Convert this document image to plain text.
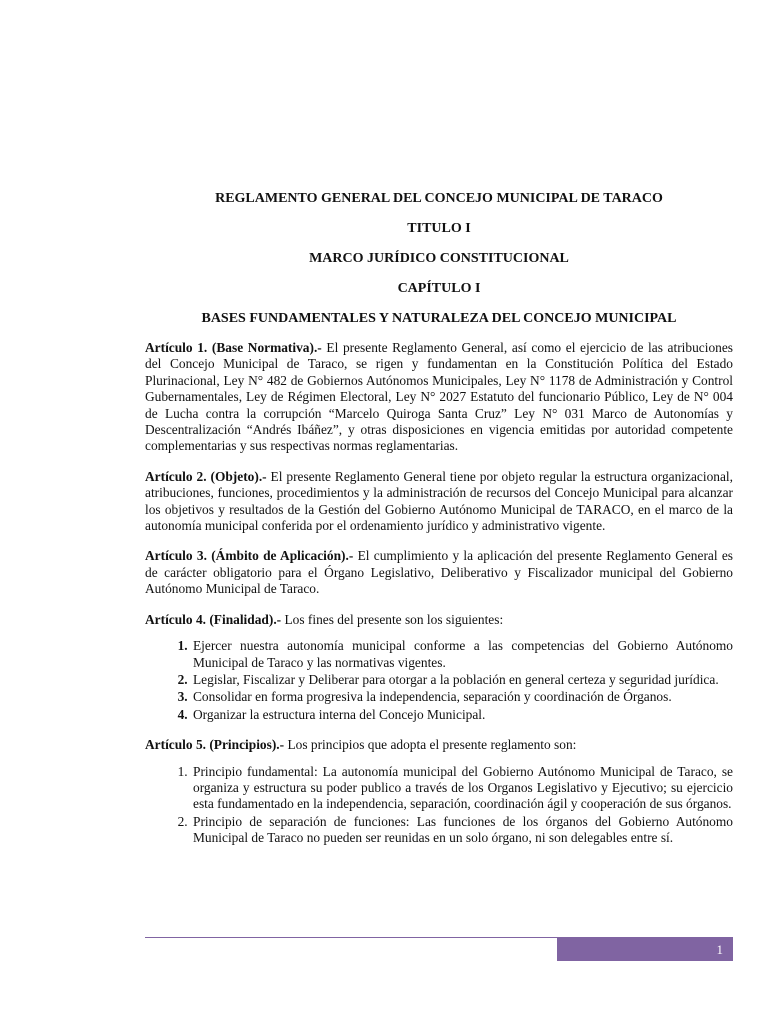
REGLAMENTO GENERAL DEL CONCEJO MUNICIPAL DE TARACO
TITULO I
MARCO JURÍDICO CONSTITUCIONAL
CAPÍTULO I
BASES FUNDAMENTALES Y NATURALEZA DEL CONCEJO MUNICIPAL

Artículo 1. (Base Normativa).- El presente Reglamento General, así como el ejercicio de las atribuciones del Concejo Municipal de Taraco, se rigen y fundamentan en la Constitución Política del Estado Plurinacional, Ley N° 482 de Gobiernos Autónomos Municipales, Ley N° 1178 de Administración y Control Gubernamentales, Ley de Régimen Electoral, Ley N° 2027 Estatuto del funcionario Público, Ley de N° 004 de Lucha contra la corrupción “Marcelo Quiroga Santa Cruz” Ley N° 031 Marco de Autonomías y Descentralización “Andrés Ibáñez”, y otras disposiciones en vigencia emitidas por autoridad competente complementarias y sus respectivas normas reglamentarias.

Artículo 2. (Objeto).- El presente Reglamento General tiene por objeto regular la estructura organizacional, atribuciones, funciones, procedimientos y la administración de recursos del Concejo Municipal para alcanzar los objetivos y resultados de la Gestión del Gobierno Autónomo Municipal de TARACO, en el marco de la autonomía municipal conferida por el ordenamiento jurídico y administrativo vigente.

Artículo 3. (Ámbito de Aplicación).- El cumplimiento y la aplicación del presente Reglamento General es de carácter obligatorio para el Órgano Legislativo, Deliberativo y Fiscalizador municipal del Gobierno Autónomo Municipal de Taraco.

Artículo 4. (Finalidad).- Los fines del presente son los siguientes:

1. Ejercer nuestra autonomía municipal conforme a las competencias del Gobierno Autónomo Municipal de Taraco y las normativas vigentes.
2. Legislar, Fiscalizar y Deliberar para otorgar a la población en general certeza y seguridad jurídica.
3. Consolidar en forma progresiva la independencia, separación y coordinación de Órganos.
4. Organizar la estructura interna del Concejo Municipal.

Artículo 5. (Principios).- Los principios que adopta el presente reglamento son:

1. Principio fundamental: La autonomía municipal del Gobierno Autónomo Municipal de Taraco, se organiza y estructura su poder publico a través de los Organos Legislativo y Ejecutivo; su ejercicio esta fundamentado en la independencia, separación, coordinación ágil y cooperación de sus órganos.
2. Principio de separación de funciones: Las funciones de los órganos del Gobierno Autónomo Municipal de Taraco no pueden ser reunidas en un solo órgano, ni son delegables entre sí.
1
